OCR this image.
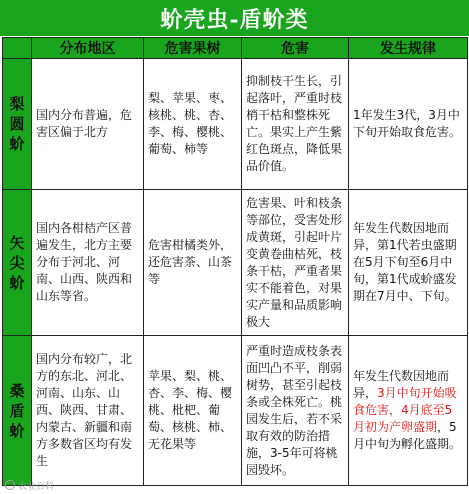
蚧壳虫-盾蚧类
	分布地区	危害果树	危害	发生规律

梨
圆
蚧	国内分布普遍，危害区偏于北方	梨、苹果、枣、核桃、桃、杏、李、梅、樱桃、葡萄、柿等	抑制枝干生长，引起落叶，严重时枝梢干枯和整株死亡。果实上产生紫红色斑点，降低果品价值。	1年发生3代，3月中下旬开始取食危害。

矢
尖
蚧	国内各柑桔产区普遍发生，北方主要分布于河北、河南、山西、陕西和山东等省。	危害柑橘类外，还危害茶、山茶等	危害果、叶和枝条等部位，受害处形成黄斑，引起叶片变黄卷曲枯死，枝条干枯，严重者果实不能着色，对果实产量和品质影响极大	年发生代数因地而异，第1代若虫盛期在5月下旬至6月中旬，第1代成蚧盛发期在7月中、下旬。

桑
盾
蚧	国内分布较广，北方的东北、河北、河南、山东、山西、陕西、甘肃、内蒙古、新疆和南方多数省区均有发生	苹果、梨、桃、杏、李、梅、樱桃、枇杷、葡萄、核桃、柿、无花果等	严重时造成枝条表面凹凸不平，削弱树势，甚至引起枝条或全株死亡。桃园发生后，若不采取有效的防治措施，3-5年可将桃园毁坏。	年发生代数因地而异，3月中旬开始吸食危害，4月底至5月初为产卵盛期，5月中旬为孵化盛期。
农业百科
